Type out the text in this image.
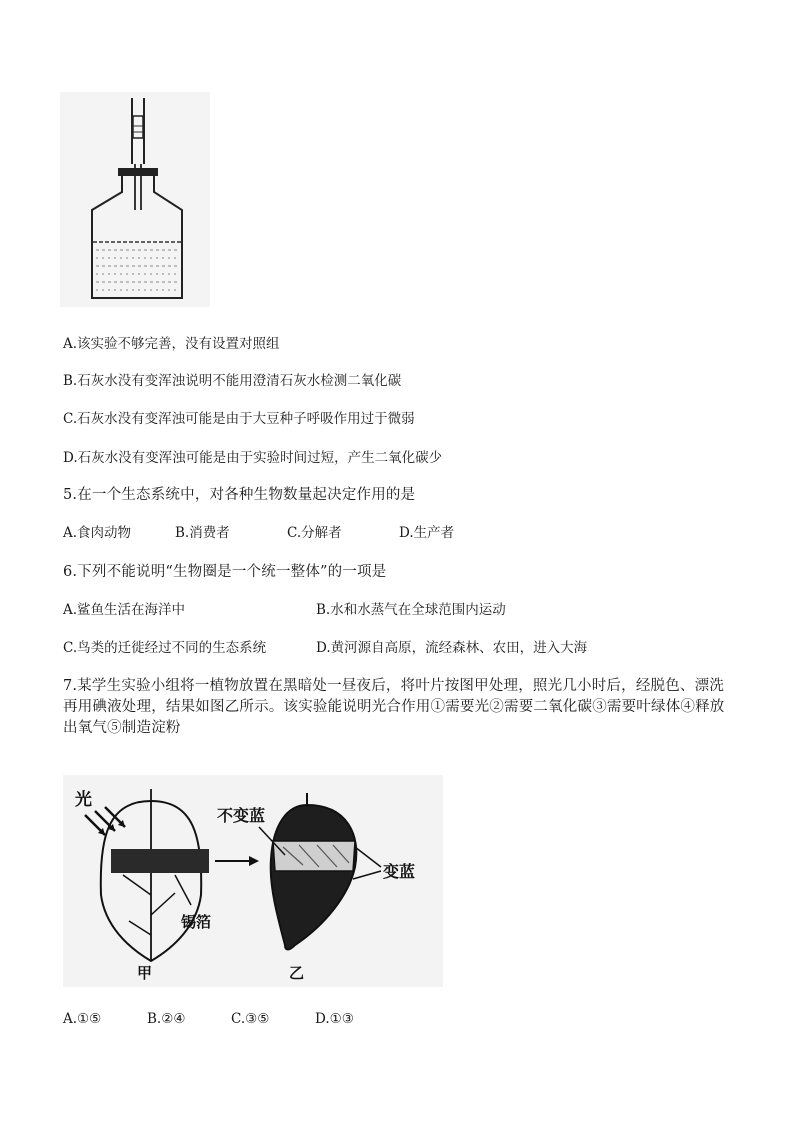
A.该实验不够完善，没有设置对照组
B.石灰水没有变浑浊说明不能用澄清石灰水检测二氧化碳
C.石灰水没有变浑浊可能是由于大豆种子呼吸作用过于微弱
D.石灰水没有变浑浊可能是由于实验时间过短，产生二氧化碳少
5.在一个生态系统中，对各种生物数量起决定作用的是
A.食肉动物	B.消费者	C.分解者	D.生产者
6.下列不能说明“生物圈是一个统一整体”的一项是
A.鲨鱼生活在海洋中	B.水和水蒸气在全球范围内运动
C.鸟类的迁徙经过不同的生态系统	D.黄河源自高原，流经森林、农田，进入大海
7.某学生实验小组将一植物放置在黑暗处一昼夜后，将叶片按图甲处理，照光几小时后，经脱色、漂洗再用碘液处理，结果如图乙所示。该实验能说明光合作用①需要光②需要二氧化碳③需要叶绿体④释放出氧气⑤制造淀粉
光
锡箔
甲
不变蓝
变蓝
乙
A.①⑤	B.②④	C.③⑤	D.①③
